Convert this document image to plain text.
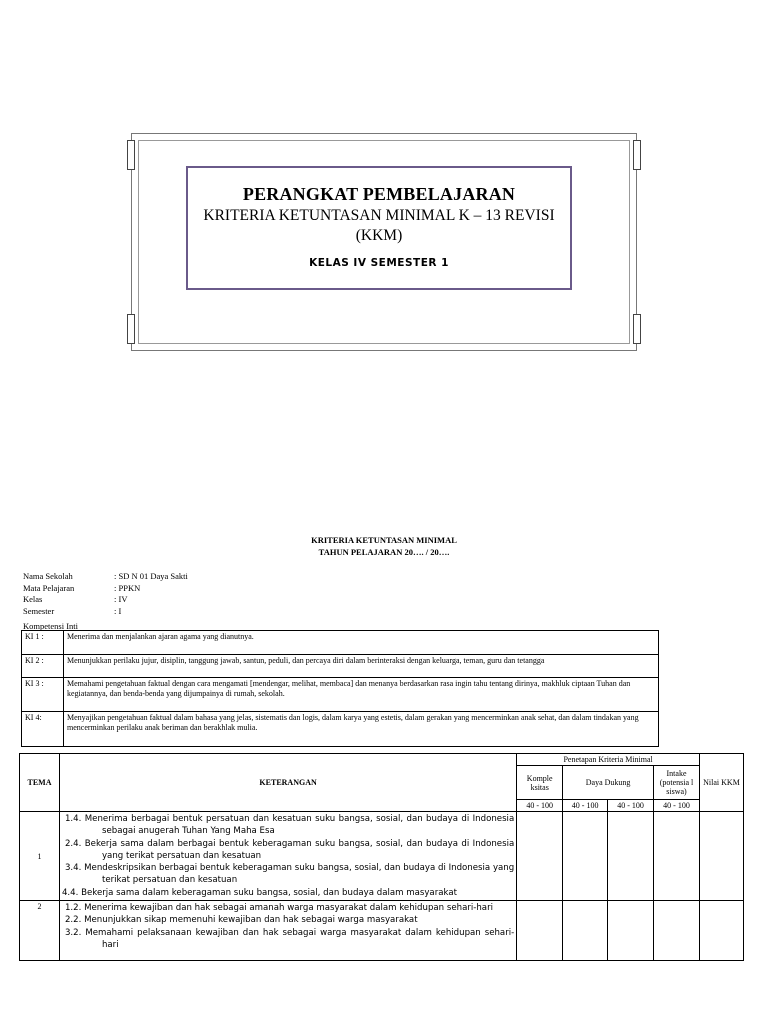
PERANGKAT PEMBELAJARAN
KRITERIA KETUNTASAN MINIMAL K – 13 REVISI
(KKM)
KELAS IV SEMESTER 1
KRITERIA KETUNTASAN MINIMAL
TAHUN PELAJARAN 20…. / 20….
Nama Sekolah	: SD N 01 Daya Sakti
Mata Pelajaran	: PPKN
Kelas	: IV
Semester	: I
Kompetensi Inti
KI 1 :	Menerima dan menjalankan ajaran agama yang dianutnya.
KI 2 :	Menunjukkan perilaku jujur, disiplin, tanggung jawab, santun, peduli, dan percaya diri dalam berinteraksi dengan keluarga, teman, guru dan tetangga
KI 3 :	Memahami pengetahuan faktual dengan cara mengamati [mendengar, melihat, membaca] dan menanya berdasarkan rasa ingin tahu tentang dirinya, makhluk ciptaan Tuhan dan kegiatannya, dan benda-benda yang dijumpainya di rumah, sekolah.
KI 4:	Menyajikan pengetahuan faktual dalam bahasa yang jelas, sistematis dan logis, dalam karya yang estetis, dalam gerakan yang mencerminkan anak sehat, dan dalam tindakan yang mencerminkan perilaku anak beriman dan berakhlak mulia.
TEMA	KETERANGAN	Penetapan Kriteria Minimal				Nilai KKM
		Komple ksitas	Daya Dukung		Intake (potensia l siswa)	
		40 - 100	40 - 100	40 - 100	40 - 100	
1	1.4. Menerima berbagai bentuk persatuan dan kesatuan suku bangsa, sosial, dan budaya di Indonesia sebagai anugerah Tuhan Yang Maha Esa

2.4. Bekerja sama dalam berbagai bentuk keberagaman suku bangsa, sosial, dan budaya di Indonesia yang terikat persatuan dan kesatuan

3.4. Mendeskripsikan berbagai bentuk keberagaman suku bangsa, sosial, dan budaya di Indonesia yang terikat persatuan dan kesatuan

4.4. Bekerja sama dalam keberagaman suku bangsa, sosial, dan budaya dalam masyarakat					

2	1.2. Menerima kewajiban dan hak sebagai amanah warga masyarakat dalam kehidupan sehari-hari

2.2. Menunjukkan sikap memenuhi kewajiban dan hak sebagai warga masyarakat

3.2. Memahami pelaksanaan kewajiban dan hak sebagai warga masyarakat dalam kehidupan sehari-hari					
